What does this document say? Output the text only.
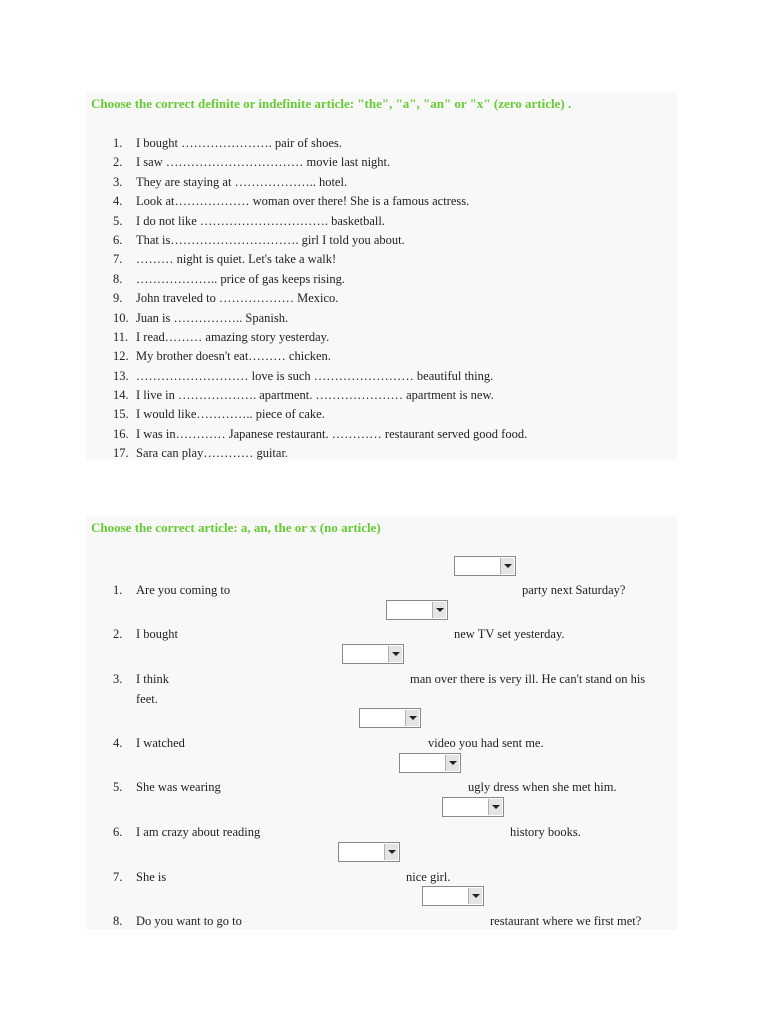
Choose the correct definite or indefinite article: "the", "a", "an" or "x" (zero article) .
1. I bought …………………. pair of shoes.
2. I saw …………………………… movie last night.
3. They are staying at ……………….. hotel.
4. Look at……………… woman over there! She is a famous actress.
5. I do not like …………………………. basketball.
6. That is…………………………. girl I told you about.
7. ……… night is quiet. Let's take a walk!
8. ……………….. price of gas keeps rising.
9. John traveled to ……………… Mexico.
10. Juan is …………….. Spanish.
11. I read……… amazing story yesterday.
12. My brother doesn't eat……… chicken.
13. ……………………… love is such …………………… beautiful thing.
14. I live in ………………. apartment. ………………… apartment is new.
15. I would like………….. piece of cake.
16. I was in………… Japanese restaurant. ………… restaurant served good food.
17. Sara can play………… guitar.
Choose the correct article: a, an, the or x (no article)
1. Are you coming to	party next Saturday?
2. I bought	new TV set yesterday.
3. I think	man over there is very ill. He can't stand on his
feet.
4. I watched	video you had sent me.
5. She was wearing	ugly dress when she met him.
6. I am crazy about reading	history books.
7. She is	nice girl.
8. Do you want to go to	restaurant where we first met?
